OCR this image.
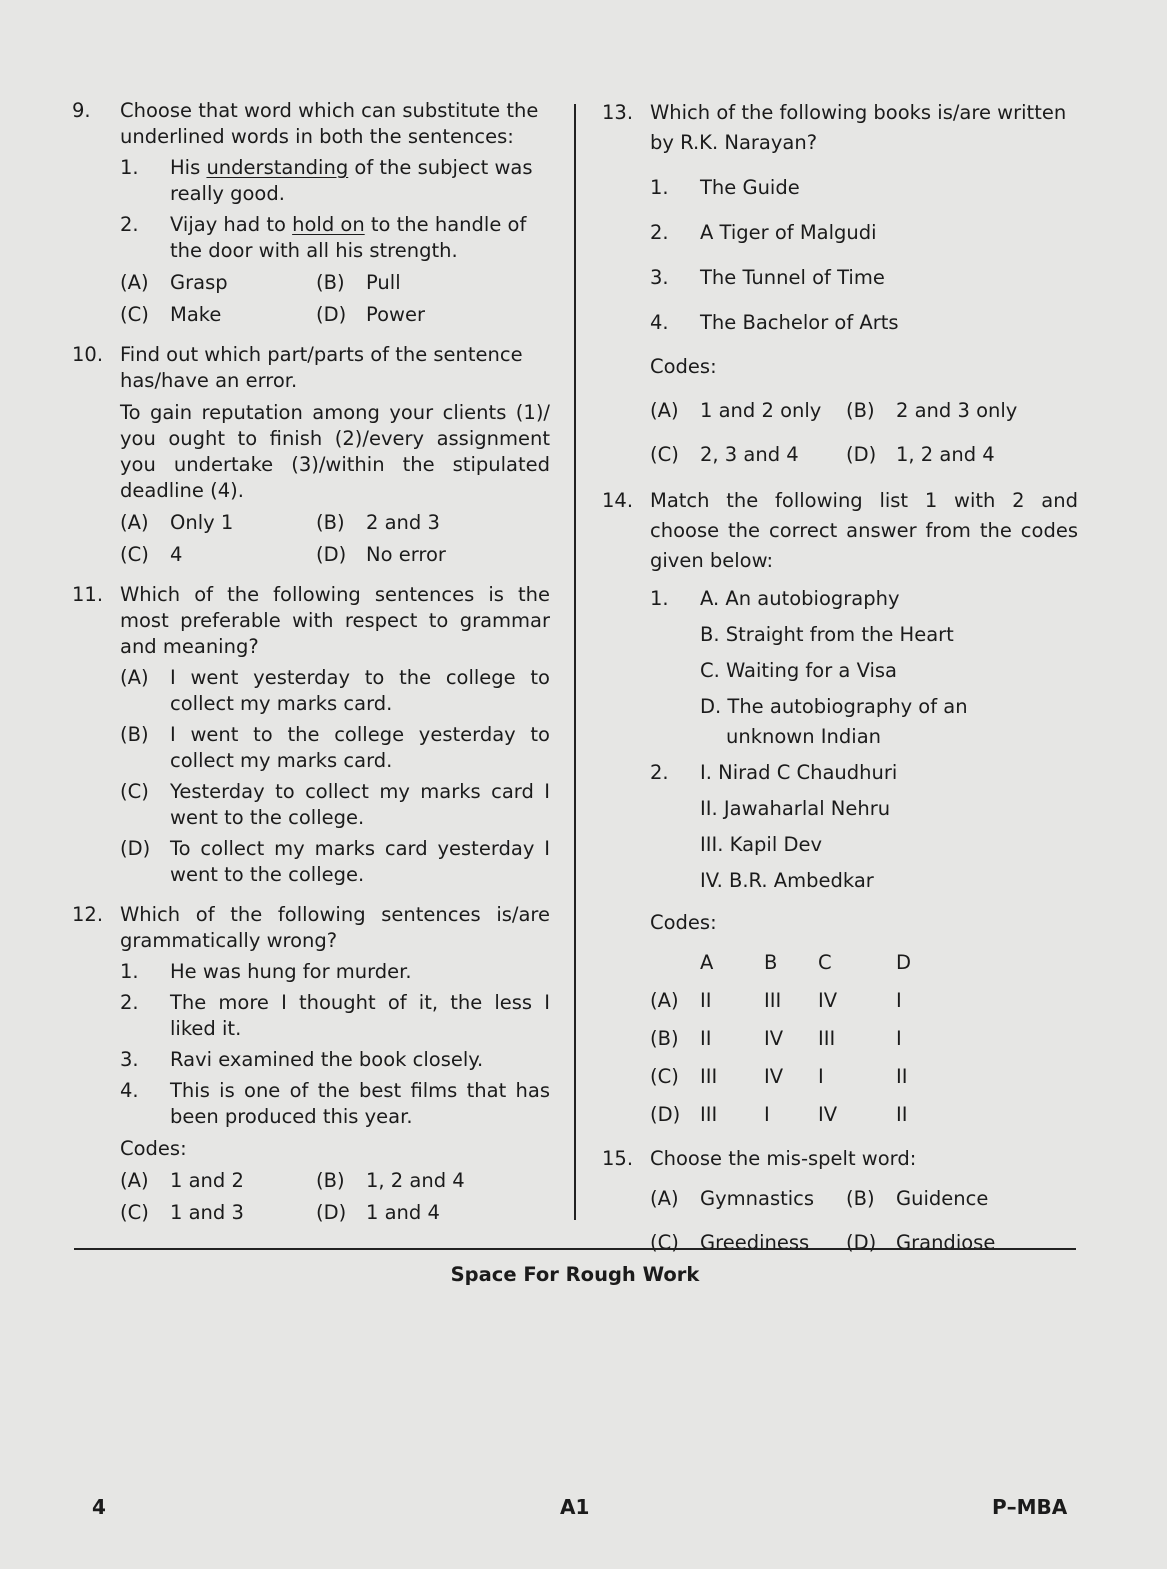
9.	Choose that word which can substitute the underlined words in both the sentences:
1.	His understanding of the subject was really good.
2.	Vijay had to hold on to the handle of the door with all his strength.
(A)	Grasp	(B)	Pull
(C)	Make	(D)	Power
10. Find out which part/parts of the sentence has/have an error.
To gain reputation among your clients (1)/ you ought to finish (2)/every assignment you undertake (3)/within the stipulated deadline (4).
(A)	Only 1	(B)	2 and 3
(C)	4	(D)	No error
11. Which of the following sentences is the most preferable with respect to grammar and meaning?
(A)	I went yesterday to the college to collect my marks card.
(B)	I went to the college yesterday to collect my marks card.
(C)	Yesterday to collect my marks card I went to the college.
(D)	To collect my marks card yesterday I went to the college.
12. Which of the following sentences is/are grammatically wrong?
1.	He was hung for murder.
2.	The more I thought of it, the less I liked it.
3.	Ravi examined the book closely.
4.	This is one of the best films that has been produced this year.
Codes:
(A)	1 and 2	(B)	1, 2 and 4
(C)	1 and 3	(D)	1 and 4
13. Which of the following books is/are written by R.K. Narayan?
1.	The Guide
2.	A Tiger of Malgudi
3.	The Tunnel of Time
4.	The Bachelor of Arts
Codes:
(A)	1 and 2 only (B)	2 and 3 only
(C)	2, 3 and 4 (D)	1, 2 and 4
14. Match the following list 1 with 2 and choose the correct answer from the codes given below:
1.	A. An autobiography
B. Straight from the Heart
C. Waiting for a Visa
D. The autobiography of an unknown Indian
2.	I. Nirad C Chaudhuri
II. Jawaharlal Nehru
III. Kapil Dev
IV. B.R. Ambedkar
Codes:
	A	B	C	D
(A)	II	III	IV	I
(B)	II	IV	III	I
(C)	III	IV	I	II
(D)	III	I	IV	II
15. Choose the mis-spelt word:
(A)	Gymnastics (B)	Guidence
(C)	Greediness (D)	Grandiose
Space For Rough Work
4	A1	P–MBA
